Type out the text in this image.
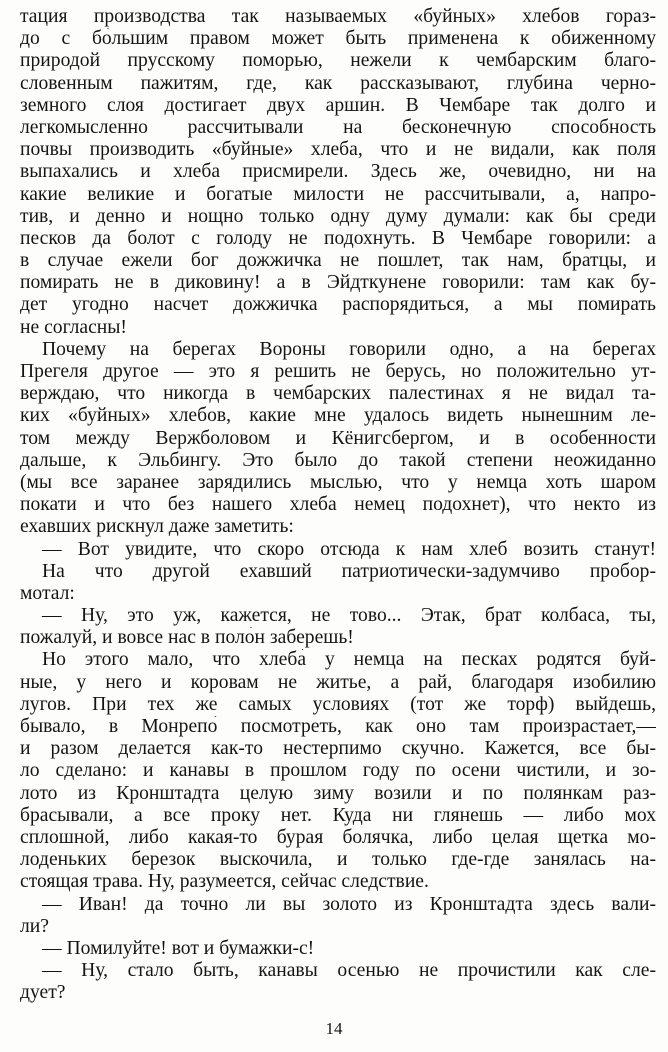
тация производства так называемых «буйных» хлебов гораз-
до с бо́льшим правом может быть применена к обиженному
природой прусскому поморью, нежели к чембарским благо-
словенным пажитям, где, как рассказывают, глубина черно-
земного слоя достигает двух аршин. В Чембаре так долго и
легкомысленно рассчитывали на бесконечную способность
почвы производить «буйные» хлеба, что и не видали, как поля
выпахались и хлеба присмирели. Здесь же, очевидно, ни на
какие великие и богатые милости не рассчитывали, а, напро-
тив, и денно и нощно только одну думу думали: как бы среди
песков да болот с голоду не подохнуть. В Чембаре говорили: а
в случае ежели бог дожжичка не пошлет, так нам, братцы, и
помирать не в диковину! а в Эйдткунене говорили: там как бу-
дет угодно насчет дожжичка распорядиться, а мы помирать
не согласны!
Почему на берегах Вороны говорили одно, а на берегах
Прегеля другое — это я решить не берусь, но положительно ут-
верждаю, что никогда в чембарских палестинах я не видал та-
ких «буйных» хлебов, какие мне удалось видеть нынешним ле-
том между Вержболовом и Кёнигсбергом, и в особенности
дальше, к Эльбингу. Это было до такой степени неожиданно
(мы все заранее зарядились мыслью, что у немца хоть шаром
покати и что без нашего хлеба немец подохнет), что некто из
ехавших рискнул даже заметить:
— Вот увидите, что скоро отсюда к нам хлеб возить станут!
На что другой ехавший патриотически-задумчиво пробор-
мотал:
— Ну, это уж, кажется, не тово... Этак, брат колбаса, ты,
пожалуй, и вовсе нас в поло́н заберешь!
Но этого мало, что хлеба́ у немца на песках родятся буй-
ные, у него и коровам не житье, а рай, благодаря изобилию
лугов. При тех же самых условиях (тот же торф) выйдешь,
бывало, в Монрепо̀ посмотреть, как оно там произрастает,—
и разом делается как-то нестерпимо скучно. Кажется, все бы-
ло сделано: и канавы в прошлом году по осени чистили, и зо-
лото из Кронштадта целую зиму возили и по полянкам раз-
брасывали, а все проку нет. Куда ни глянешь — либо мох
сплошной, либо какая-то бурая болячка, либо целая щетка мо-
лоденьких березок выскочила, и только где-где занялась на-
стоящая трава. Ну, разумеется, сейчас следствие.
— Иван! да точно ли вы золото из Кронштадта здесь вали-
ли?
— Помилуйте! вот и бумажки-с!
— Ну, стало быть, канавы осенью не прочистили как сле-
дует?
14
